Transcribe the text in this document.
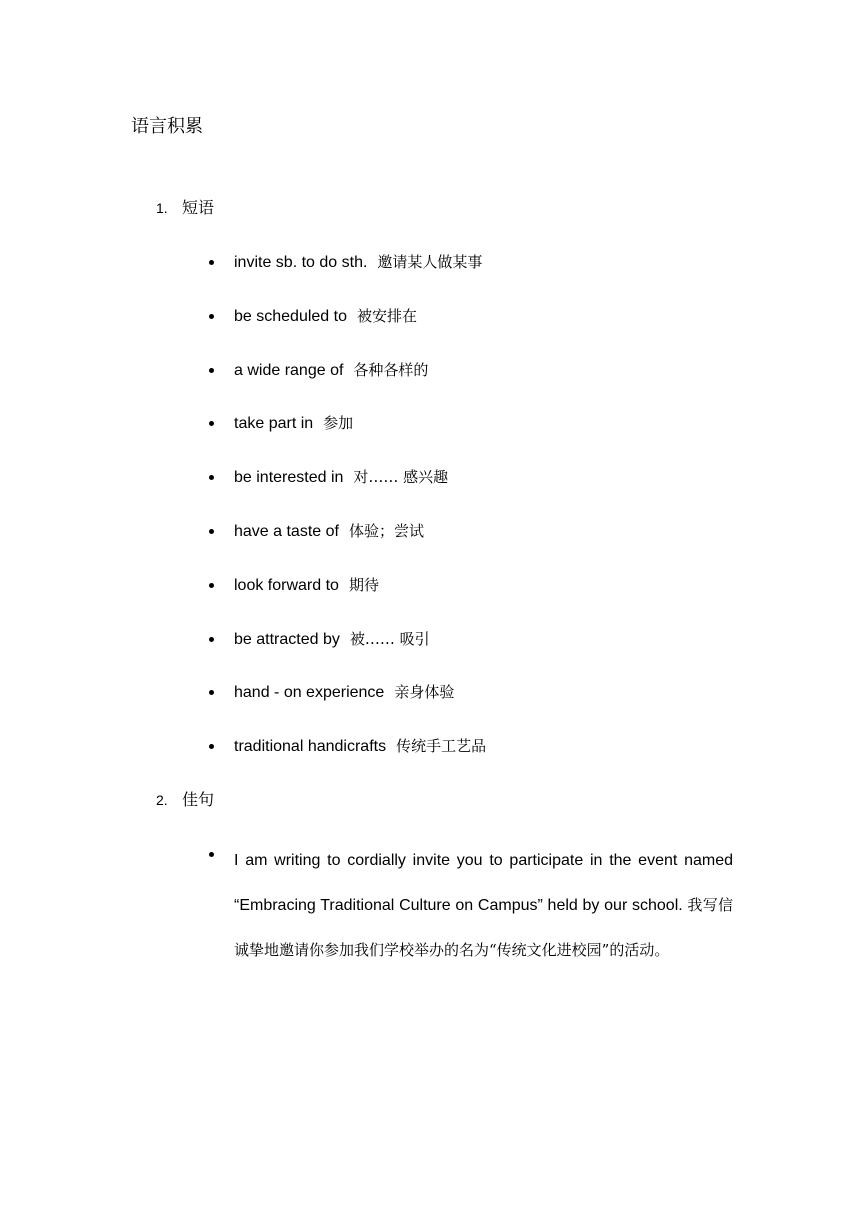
语言积累
1. 短语
invite sb. to do sth. 邀请某人做某事
be scheduled to 被安排在
a wide range of 各种各样的
take part in 参加
be interested in 对…… 感兴趣
have a taste of 体验；尝试
look forward to 期待
be attracted by 被…… 吸引
hand - on experience 亲身体验
traditional handicrafts 传统手工艺品
2. 佳句

I am writing to cordially invite you to participate in the event named “Embracing Traditional Culture on Campus” held by our school. 我写信诚挚地邀请你参加我们学校举办的名为“传统文化进校园”的活动。
